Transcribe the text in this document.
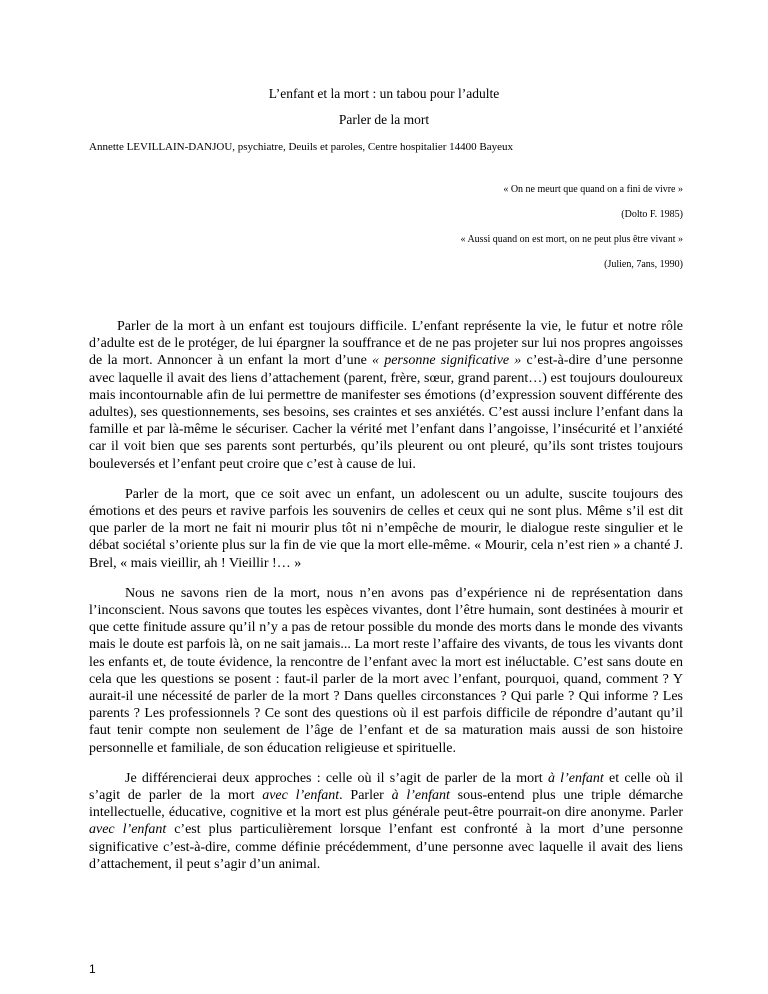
L’enfant et la mort : un tabou pour l’adulte
Parler de la mort
Annette LEVILLAIN-DANJOU, psychiatre, Deuils et paroles, Centre hospitalier 14400 Bayeux

« On ne meurt que quand on a fini de vivre »

(Dolto F. 1985)

« Aussi quand on est mort, on ne peut plus être vivant »

(Julien, 7ans, 1990)

Parler de la mort à un enfant est toujours difficile. L’enfant représente la vie, le futur et notre rôle d’adulte est de le protéger, de lui épargner la souffrance et de ne pas projeter sur lui nos propres angoisses de la mort. Annoncer à un enfant la mort d’une « personne significative » c’est-à-dire d’une personne avec laquelle il avait des liens d’attachement (parent, frère, sœur, grand parent…) est toujours douloureux mais incontournable afin de lui permettre de manifester ses émotions (d’expression souvent différente des adultes), ses questionnements, ses besoins, ses craintes et ses anxiétés. C’est aussi inclure l’enfant dans la famille et par là-même le sécuriser. Cacher la vérité met l’enfant dans l’angoisse, l’insécurité et l’anxiété car il voit bien que ses parents sont perturbés, qu’ils pleurent ou ont pleuré, qu’ils sont tristes toujours bouleversés et l’enfant peut croire que c’est à cause de lui.

Parler de la mort, que ce soit avec un enfant, un adolescent ou un adulte, suscite toujours des émotions et des peurs et ravive parfois les souvenirs de celles et ceux qui ne sont plus. Même s’il est dit que parler de la mort ne fait ni mourir plus tôt ni n’empêche de mourir, le dialogue reste singulier et le débat sociétal s’oriente plus sur la fin de vie que la mort elle-même. « Mourir, cela n’est rien » a chanté J. Brel, « mais vieillir, ah ! Vieillir !… »

Nous ne savons rien de la mort, nous n’en avons pas d’expérience ni de représentation dans l’inconscient. Nous savons que toutes les espèces vivantes, dont l’être humain, sont destinées à mourir et que cette finitude assure qu’il n’y a pas de retour possible du monde des morts dans le monde des vivants mais le doute est parfois là, on ne sait jamais... La mort reste l’affaire des vivants, de tous les vivants dont les enfants et, de toute évidence, la rencontre de l’enfant avec la mort est inéluctable. C’est sans doute en cela que les questions se posent : faut-il parler de la mort avec l’enfant, pourquoi, quand, comment ? Y aurait-il une nécessité de parler de la mort ? Dans quelles circonstances ? Qui parle ? Qui informe ? Les parents ? Les professionnels ? Ce sont des questions où il est parfois difficile de répondre d’autant qu’il faut tenir compte non seulement de l’âge de l’enfant et de sa maturation mais aussi de son histoire personnelle et familiale, de son éducation religieuse et spirituelle.

Je différencierai deux approches : celle où il s’agit de parler de la mort à l’enfant et celle où il s’agit de parler de la mort avec l’enfant. Parler à l’enfant sous-entend plus une triple démarche intellectuelle, éducative, cognitive et la mort est plus générale peut-être pourrait-on dire anonyme. Parler avec l’enfant c’est plus particulièrement lorsque l’enfant est confronté à la mort d’une personne significative c’est-à-dire, comme définie précédemment, d’une personne avec laquelle il avait des liens d’attachement, il peut s’agir d’un animal.

1
